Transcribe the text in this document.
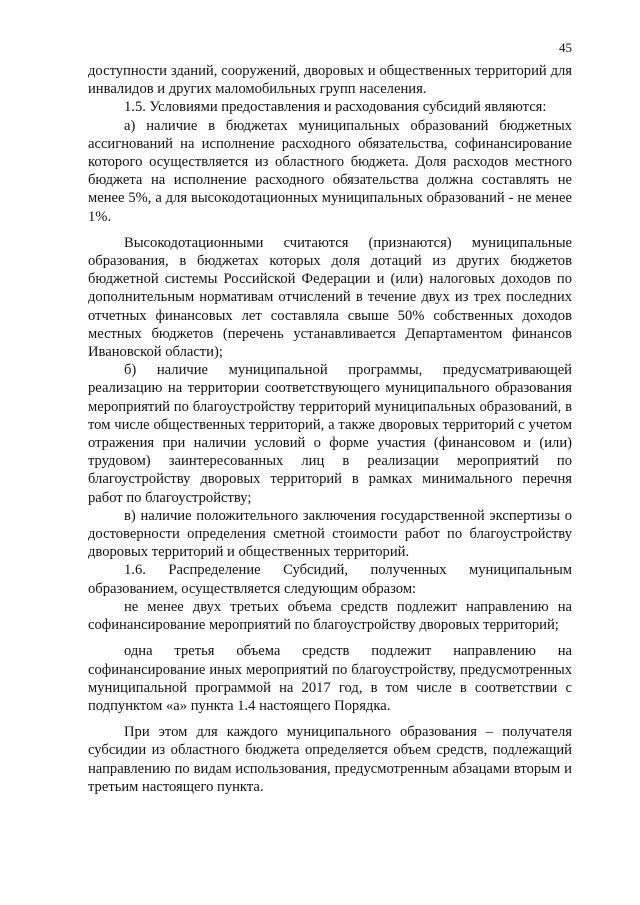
45

доступности зданий, сооружений, дворовых и общественных территорий для инвалидов и других маломобильных групп населения.

1.5. Условиями предоставления и расходования субсидий являются:

а) наличие в бюджетах муниципальных образований бюджетных ассигнований на исполнение расходного обязательства, софинансирование которого осуществляется из областного бюджета. Доля расходов местного бюджета на исполнение расходного обязательства должна составлять не менее 5%, а для высокодотационных муниципальных образований - не менее 1%.

Высокодотационными считаются (признаются) муниципальные образования, в бюджетах которых доля дотаций из других бюджетов бюджетной системы Российской Федерации и (или) налоговых доходов по дополнительным нормативам отчислений в течение двух из трех последних отчетных финансовых лет составляла свыше 50% собственных доходов местных бюджетов (перечень устанавливается Департаментом финансов Ивановской области);

б) наличие муниципальной программы, предусматривающей реализацию на территории соответствующего муниципального образования мероприятий по благоустройству территорий муниципальных образований, в том числе общественных территорий, а также дворовых территорий с учетом отражения при наличии условий о форме участия (финансовом и (или) трудовом) заинтересованных лиц в реализации мероприятий по благоустройству дворовых территорий в рамках минимального перечня работ по благоустройству;

в) наличие положительного заключения государственной экспертизы о достоверности определения сметной стоимости работ по благоустройству дворовых территорий и общественных территорий.

1.6. Распределение Субсидий, полученных муниципальным образованием, осуществляется следующим образом:

не менее двух третьих объема средств подлежит направлению на софинансирование мероприятий по благоустройству дворовых территорий;

одна третья объема средств подлежит направлению на софинансирование иных мероприятий по благоустройству, предусмотренных муниципальной программой на 2017 год, в том числе в соответствии с подпунктом «а» пункта 1.4 настоящего Порядка.

При этом для каждого муниципального образования – получателя субсидии из областного бюджета определяется объем средств, подлежащий направлению по видам использования, предусмотренным абзацами вторым и третьим настоящего пункта.
